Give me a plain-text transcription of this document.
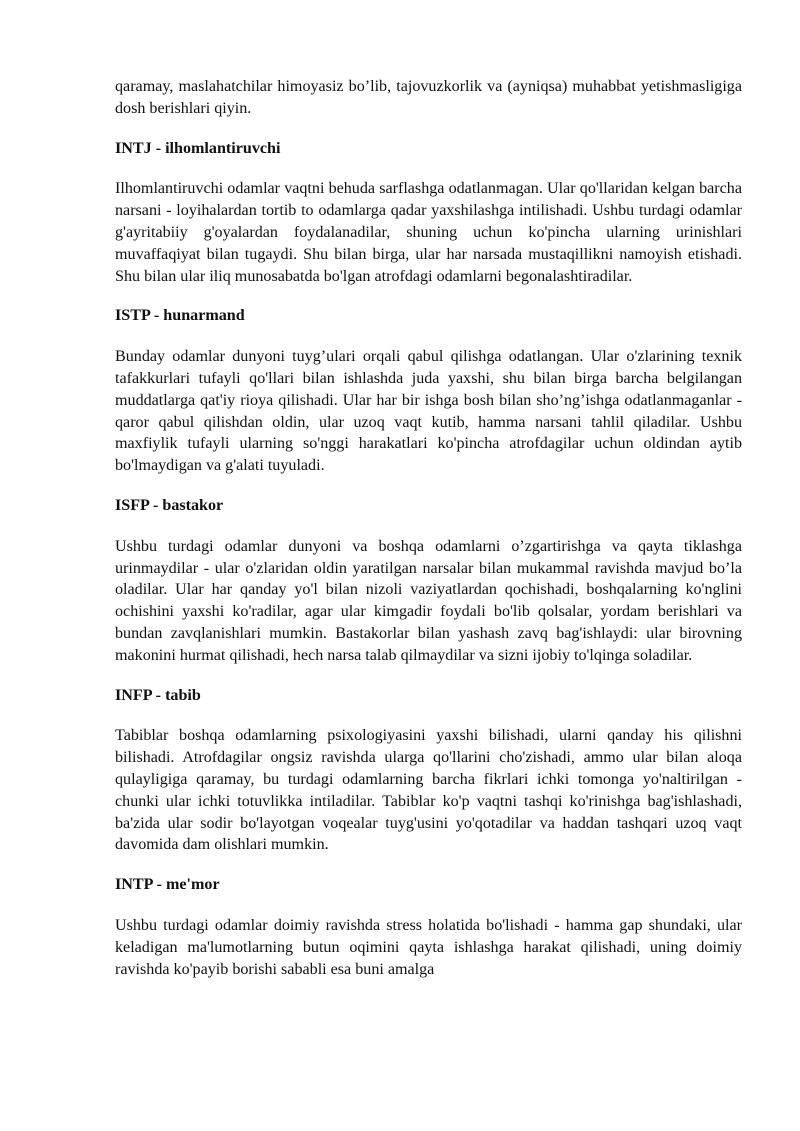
qaramay, maslahatchilar himoyasiz bo’lib, tajovuzkorlik va (ayniqsa) muhabbat yetishmasligiga dosh berishlari qiyin.

INTJ - ilhomlantiruvchi

Ilhomlantiruvchi odamlar vaqtni behuda sarflashga odatlanmagan. Ular qo'llaridan kelgan barcha narsani - loyihalardan tortib to odamlarga qadar yaxshilashga intilishadi. Ushbu turdagi odamlar g'ayritabiiy g'oyalardan foydalanadilar, shuning uchun ko'pincha ularning urinishlari muvaffaqiyat bilan tugaydi. Shu bilan birga, ular har narsada mustaqillikni namoyish etishadi. Shu bilan ular iliq munosabatda bo'lgan atrofdagi odamlarni begonalashtiradilar.

ISTP - hunarmand

Bunday odamlar dunyoni tuyg’ulari orqali qabul qilishga odatlangan. Ular o'zlarining texnik tafakkurlari tufayli qo'llari bilan ishlashda juda yaxshi, shu bilan birga barcha belgilangan muddatlarga qat'iy rioya qilishadi. Ular har bir ishga bosh bilan sho’ng’ishga odatlanmaganlar - qaror qabul qilishdan oldin, ular uzoq vaqt kutib, hamma narsani tahlil qiladilar. Ushbu maxfiylik tufayli ularning so'nggi harakatlari ko'pincha atrofdagilar uchun oldindan aytib bo'lmaydigan va g'alati tuyuladi.

ISFP - bastakor

Ushbu turdagi odamlar dunyoni va boshqa odamlarni o’zgartirishga va qayta tiklashga urinmaydilar - ular o'zlaridan oldin yaratilgan narsalar bilan mukammal ravishda mavjud bo’la oladilar. Ular har qanday yo'l bilan nizoli vaziyatlardan qochishadi, boshqalarning ko'nglini ochishini yaxshi ko'radilar, agar ular kimgadir foydali bo'lib qolsalar, yordam berishlari va bundan zavqlanishlari mumkin. Bastakorlar bilan yashash zavq bag'ishlaydi: ular birovning makonini hurmat qilishadi, hech narsa talab qilmaydilar va sizni ijobiy to'lqinga soladilar.

INFP - tabib

Tabiblar boshqa odamlarning psixologiyasini yaxshi bilishadi, ularni qanday his qilishni bilishadi. Atrofdagilar ongsiz ravishda ularga qo'llarini cho'zishadi, ammo ular bilan aloqa qulayligiga qaramay, bu turdagi odamlarning barcha fikrlari ichki tomonga yo'naltirilgan - chunki ular ichki totuvlikka intiladilar. Tabiblar ko'p vaqtni tashqi ko'rinishga bag'ishlashadi, ba'zida ular sodir bo'layotgan voqealar tuyg'usini yo'qotadilar va haddan tashqari uzoq vaqt davomida dam olishlari mumkin.

INTP - me'mor

Ushbu turdagi odamlar doimiy ravishda stress holatida bo'lishadi - hamma gap shundaki, ular keladigan ma'lumotlarning butun oqimini qayta ishlashga harakat qilishadi, uning doimiy ravishda ko'payib borishi sababli esa buni amalga
